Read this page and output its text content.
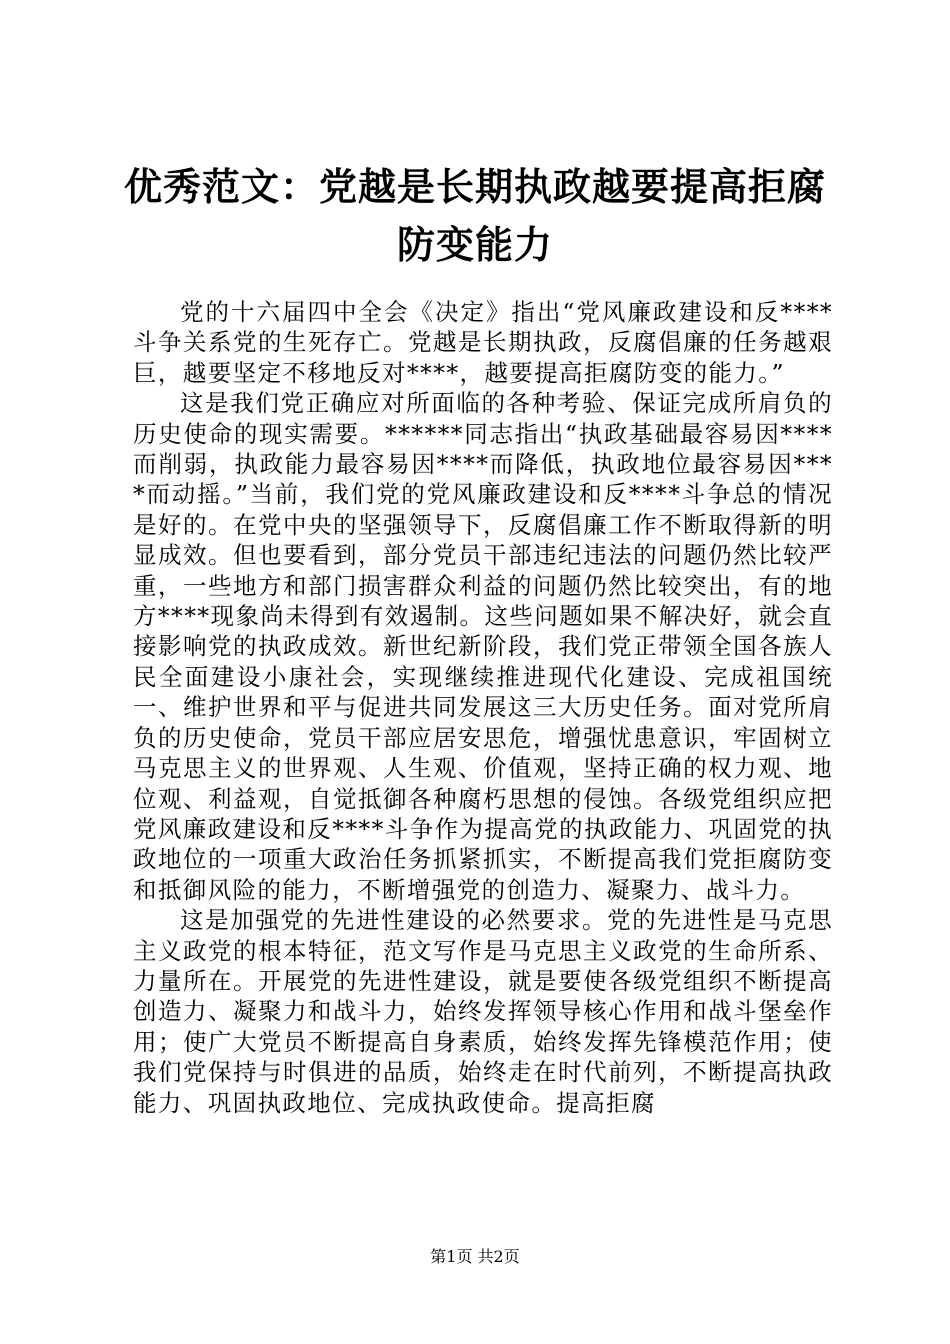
优秀范文：党越是长期执政越要提高拒腐防变能力

党的十六届四中全会《决定》指出“党风廉政建设和反****斗争关系党的生死存亡。党越是长期执政，反腐倡廉的任务越艰巨，越要坚定不移地反对****，越要提高拒腐防变的能力。”

这是我们党正确应对所面临的各种考验、保证完成所肩负的历史使命的现实需要。******同志指出“执政基础最容易因****而削弱，执政能力最容易因****而降低，执政地位最容易因****而动摇。”当前，我们党的党风廉政建设和反****斗争总的情况是好的。在党中央的坚强领导下，反腐倡廉工作不断取得新的明显成效。但也要看到，部分党员干部违纪违法的问题仍然比较严重，一些地方和部门损害群众利益的问题仍然比较突出，有的地方****现象尚未得到有效遏制。这些问题如果不解决好，就会直接影响党的执政成效。新世纪新阶段，我们党正带领全国各族人民全面建设小康社会，实现继续推进现代化建设、完成祖国统一、维护世界和平与促进共同发展这三大历史任务。面对党所肩负的历史使命，党员干部应居安思危，增强忧患意识，牢固树立马克思主义的世界观、人生观、价值观，坚持正确的权力观、地位观、利益观，自觉抵御各种腐朽思想的侵蚀。各级党组织应把党风廉政建设和反****斗争作为提高党的执政能力、巩固党的执政地位的一项重大政治任务抓紧抓实，不断提高我们党拒腐防变和抵御风险的能力，不断增强党的创造力、凝聚力、战斗力。

这是加强党的先进性建设的必然要求。党的先进性是马克思主义政党的根本特征，范文写作是马克思主义政党的生命所系、力量所在。开展党的先进性建设，就是要使各级党组织不断提高创造力、凝聚力和战斗力，始终发挥领导核心作用和战斗堡垒作用；使广大党员不断提高自身素质，始终发挥先锋模范作用；使我们党保持与时俱进的品质，始终走在时代前列，不断提高执政能力、巩固执政地位、完成执政使命。提高拒腐

第1页 共2页
